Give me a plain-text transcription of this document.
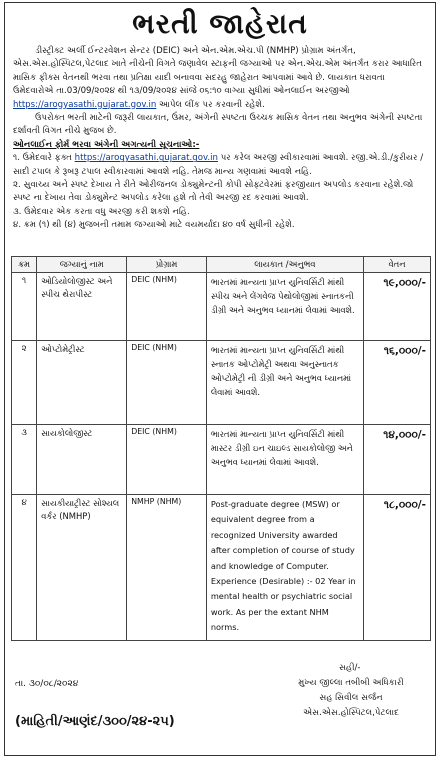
ભરતી જાહેરાત

ડીસ્ટ્રીક્ટ અર્લી ઈન્ટરવેશન સેન્ટર (DEIC) અને એન.એમ.એચ.પી (NMHP) પ્રોગ્રામ અંતર્ગત, એસ.એસ.હોસ્પિટલ,પેટલાદ ખાતે નીચેની વિગતે જણાવેલ સ્ટાફની જગ્યાઓ પર એન.એચ.એમ અંતર્ગત કરાર આધારિત માસિક ફીક્સ વેતનથી ભરવા તથા પ્રતિક્ષા યાદી બનાવવા સદરહુ જાહેરાત આપવામાં આવે છે. લાયકાત ધરાવતા ઉમેદવારોએ તા.03/09/૨૦૨૪ થી ૧૩/09/૨૦૨૪ સાંજે ૦૬:૧૦ વાગ્યા સુધીમાં ઓનલાઈન અરજીઓ https://arogyasathi.gujarat.gov.in આપેલ લીંક પર કરવાની રહેશે.

ઉપરોક્ત ભરતી માટેની જરૂરી લાયકાત, ઉંમર, અંગેની સ્પષ્ટતા ઉચ્ચક માસિક વેતન તથા અનુભવ અંગેની સ્પષ્ટતા દર્શાવતી વિગત નીચે મુજબ છે.

ઓનલાઈન ફોર્મ ભરવા અંગેની અગત્યની સૂચનાઓ:-

૧. ઉમેદવારે ફક્ત https://arogyasathi.gujarat.gov.in પર કરેલ અરજી સ્વીકારવામાં આવશે. રજી.એ.ડી./કુરીયર /સાદી ટપાલ કે રૂબરૂ ટપાલ સ્વીકારવામાં આવશે નહિ. તેમજ માન્ય ગણવામાં આવશે નહિ.

૨. સુવાચ્ય અને સ્પષ્ટ દેખાય તે રીતે ઓરીજનલ ડોક્યુમેન્ટની કોપી સોફ્ટવેરમાં ફરજીયાત અપલોડ કરવાના રહેશે.જો સ્પષ્ટ ના દેખાય તેવા ડોક્યુમેન્ટ અપલોડ કરેલા હશે તો તેવી અરજી રદ કરવામાં આવશે.

૩. ઉમેદવાર એક કરતા વધુ અરજી કરી શકશે નહિ.

૪. ક્રમ (૧) થી (૪) મુજબની તમામ જગ્યાઓ માટે વયમર્યાદા ૪૦ વર્ષ સુધીની રહેશે.

ક્રમ	જગ્યાનું નામ	પ્રોગ્રામ	લાયકાત /અનુભવ	વેતન
૧	ઓડિયોલોજીસ્ટ અને સ્પીચ થેરાપીસ્ટ	DEIC (NHM)	ભારતમાં માન્યતા પ્રાપ્ત યુનિવર્સિટી માંથી સ્પીચ અને લેંગવેજ પેથોલોજીમાં સ્નાતકની ડીગ્રી અને અનુભવ ધ્યાનમાં લેવામાં આવશે.	૧૯,૦૦૦/-
૨	ઓપ્ટોમેટ્રીસ્ટ	DEIC (NHM)	ભારતમાં માન્યતા પ્રાપ્ત યુનિવર્સિટી માંથી સ્નાતક ઓપ્ટોમેટ્રી અથવા અનુસ્નાતક ઓપ્ટોમેટ્રી ની ડીગ્રી અને અનુભવ ધ્યાનમાં લેવામાં આવશે.	૧૬,૦૦૦/-
૩	સાયકોલોજીસ્ટ	DEIC (NHM)	ભારતમાં માન્યતા પ્રાપ્ત યુનિવર્સિટી માંથી માસ્ટર ડીગ્રી ઇન ચાઇલ્ડ સાયકોલોજી અને અનુભવ ધ્યાનમાં લેવામાં આવશે.	૧૪,૦૦૦/-
૪	સાયકીયાટ્રીસ્ટ સોશ્યલ વર્કર (NMHP)	NMHP (NHM)	Post-graduate degree (MSW) or equivalent degree from a recognized University awarded after completion of course of study and knowledge of Computer. Experience (Desirable) :- 02 Year in mental health or psychiatric social work. As per the extant NHM norms.	૧૮,૦૦૦/-
તા. ૩૦/૦૮/૨૦૨૪
સહી/-
મુખ્ય જીલ્લા તબીબી અધિકારી
સહ સિવીલ સર્જન
એસ.એસ.હોસ્પિટલ,પેટલાદ
(માહિતી/આણંદ/૩૦૦/૨૪-૨૫)
